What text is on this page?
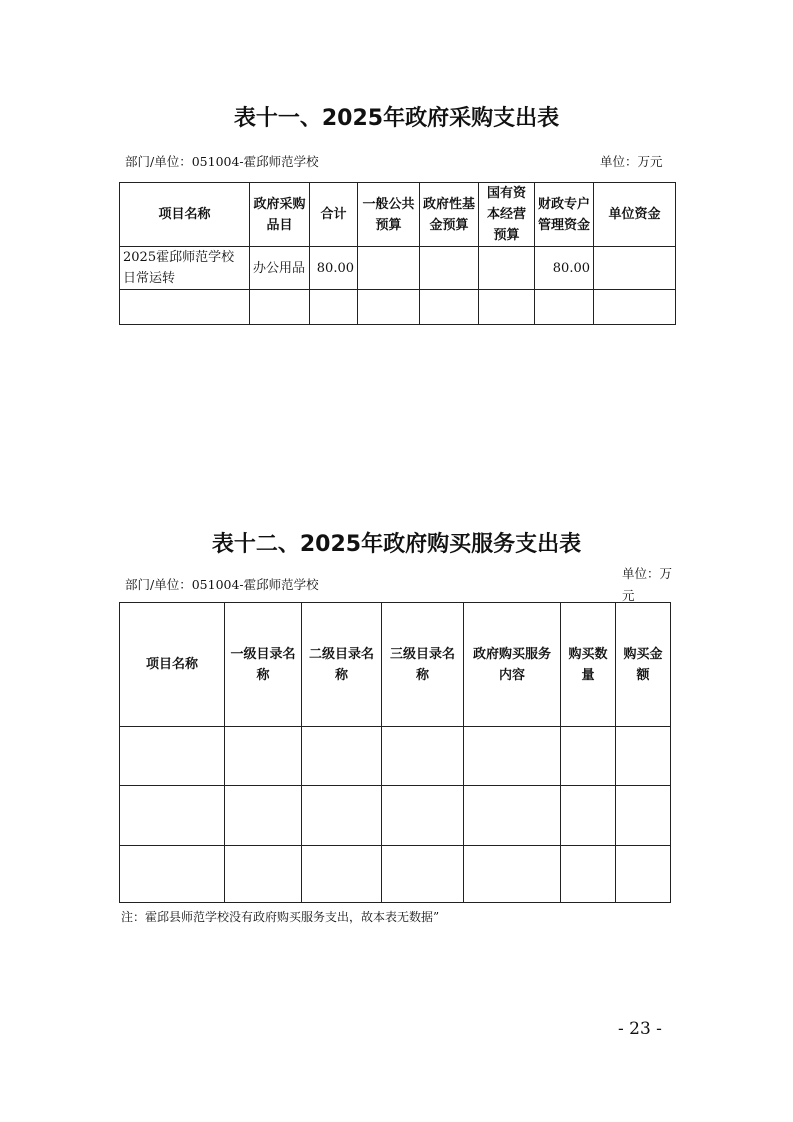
表十一、2025年政府采购支出表
部门/单位：051004-霍邱师范学校	单位：万元
项目名称	政府采购品目	合计	一般公共预算	政府性基金预算	国有资本经营预算	财政专户管理资金	单位资金
2025霍邱师范学校日常运转	办公用品	80.00				80.00	

表十二、2025年政府购买服务支出表
部门/单位：051004-霍邱师范学校
单位：万元
项目名称	一级目录名称	二级目录名称	三级目录名称	政府购买服务内容	购买数量	购买金额

注：霍邱县师范学校没有政府购买服务支出，故本表无数据”
- 23 -
